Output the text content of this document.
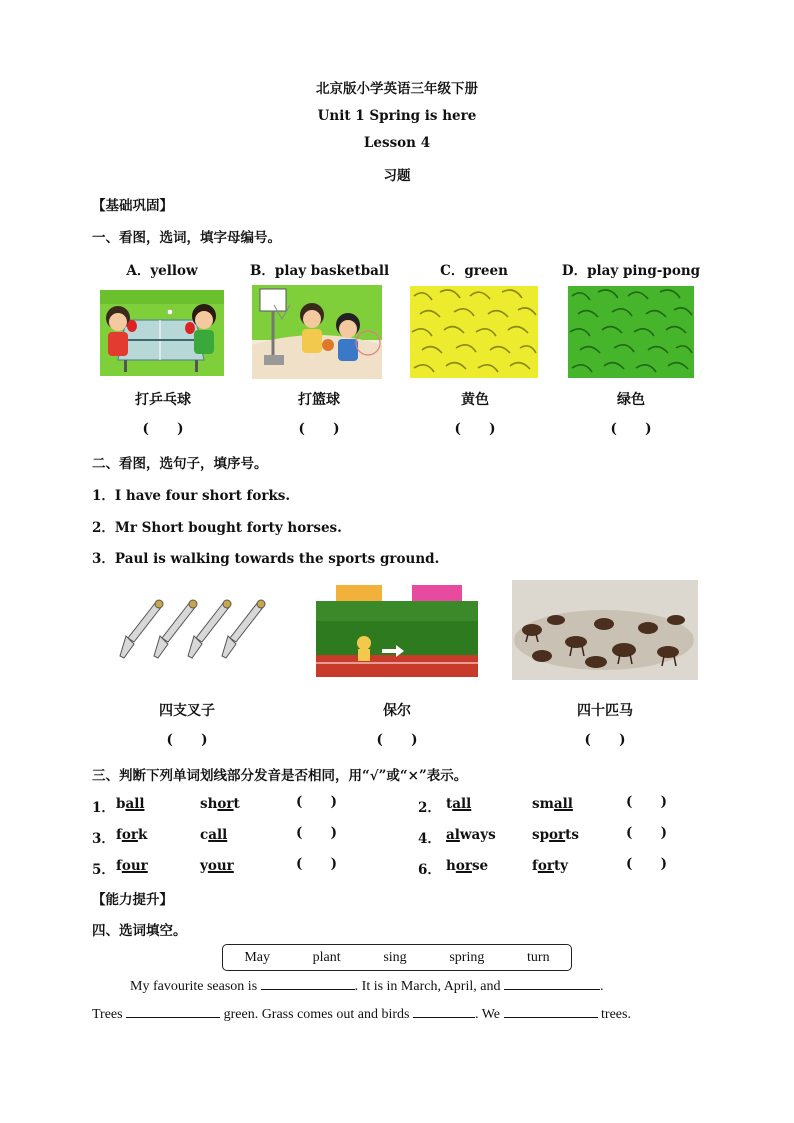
北京版小学英语三年级下册
Unit 1 Spring is here
Lesson 4
习题
【基础巩固】
一、看图，选词，填字母编号。
A．yellow	B．play basketball	C．green	D．play ping-pong
打乒乓球	打篮球	黄色	绿色
(      )	(      )	(      )	(      )
二、看图，选句子，填序号。
1．I have four short forks.
2．Mr Short bought forty horses.
3．Paul is walking towards the sports ground.
四支叉子	保尔	四十匹马
(      )	(      )	(      )
三、判断下列单词划线部分发音是否相同，用“√”或“×”表示。
1． ball	short	(      )	2． tall	small	(      )
3． fork	call	(      )	4． always	sports	(      )
5． four	your	(      )	6． horse	forty	(      )
【能力提升】
四、选词填空。
May	plant	sing	spring	turn
My favourite season is	. It is in March, April, and	.
Trees	green. Grass comes out and birds	. We	trees.
